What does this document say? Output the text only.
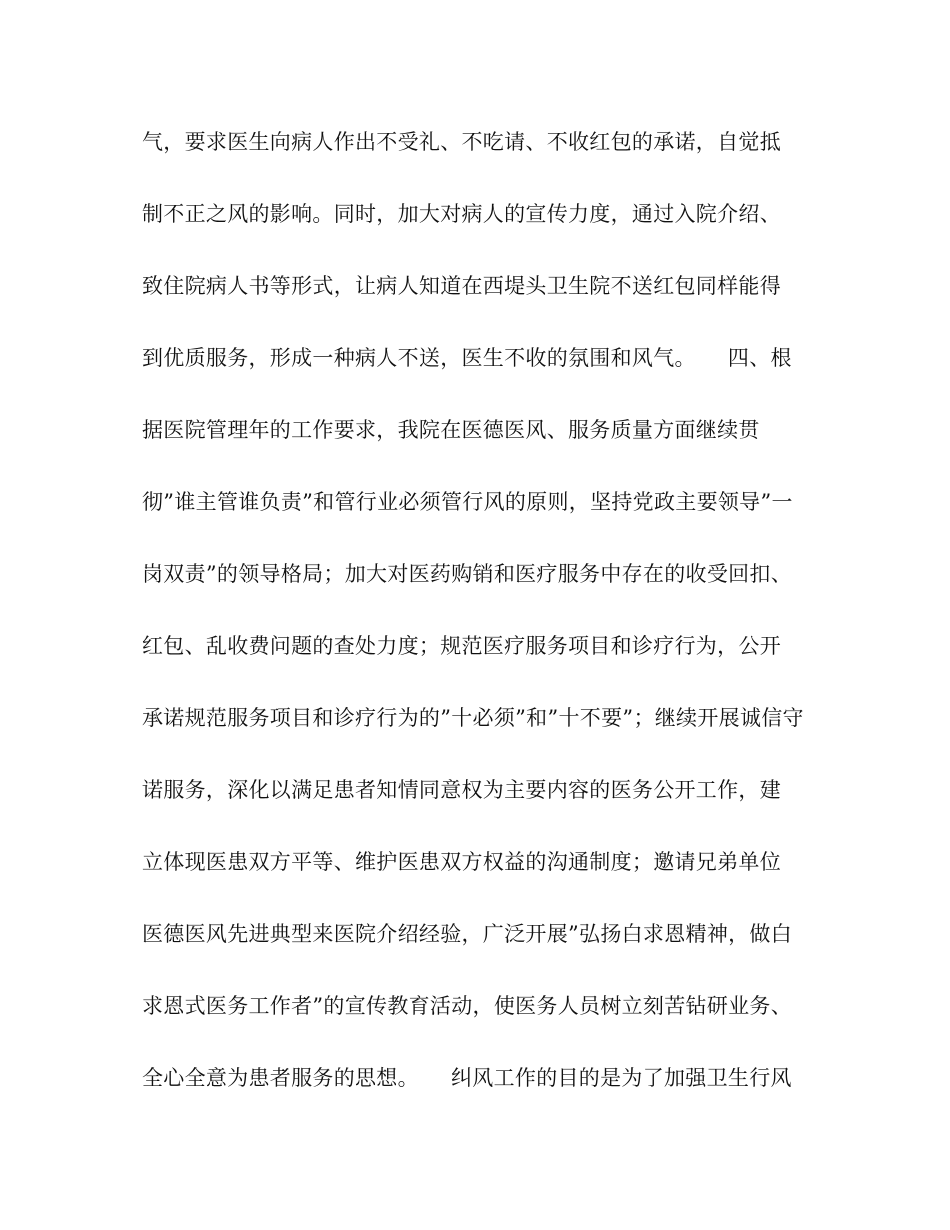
气，要求医生向病人作出不受礼、不吃请、不收红包的承诺，自觉抵
制不正之风的影响。同时，加大对病人的宣传力度，通过入院介绍、
致住院病人书等形式，让病人知道在西堤头卫生院不送红包同样能得
到优质服务，形成一种病人不送，医生不收的氛围和风气。　　四、根
据医院管理年的工作要求，我院在医德医风、服务质量方面继续贯
彻”谁主管谁负责”和管行业必须管行风的原则，坚持党政主要领导”一
岗双责”的领导格局；加大对医药购销和医疗服务中存在的收受回扣、
红包、乱收费问题的查处力度；规范医疗服务项目和诊疗行为，公开
承诺规范服务项目和诊疗行为的”十必须”和”十不要”；继续开展诚信守
诺服务，深化以满足患者知情同意权为主要内容的医务公开工作，建
立体现医患双方平等、维护医患双方权益的沟通制度；邀请兄弟单位
医德医风先进典型来医院介绍经验，广泛开展”弘扬白求恩精神，做白
求恩式医务工作者”的宣传教育活动，使医务人员树立刻苦钻研业务、
全心全意为患者服务的思想。　　纠风工作的目的是为了加强卫生行风
